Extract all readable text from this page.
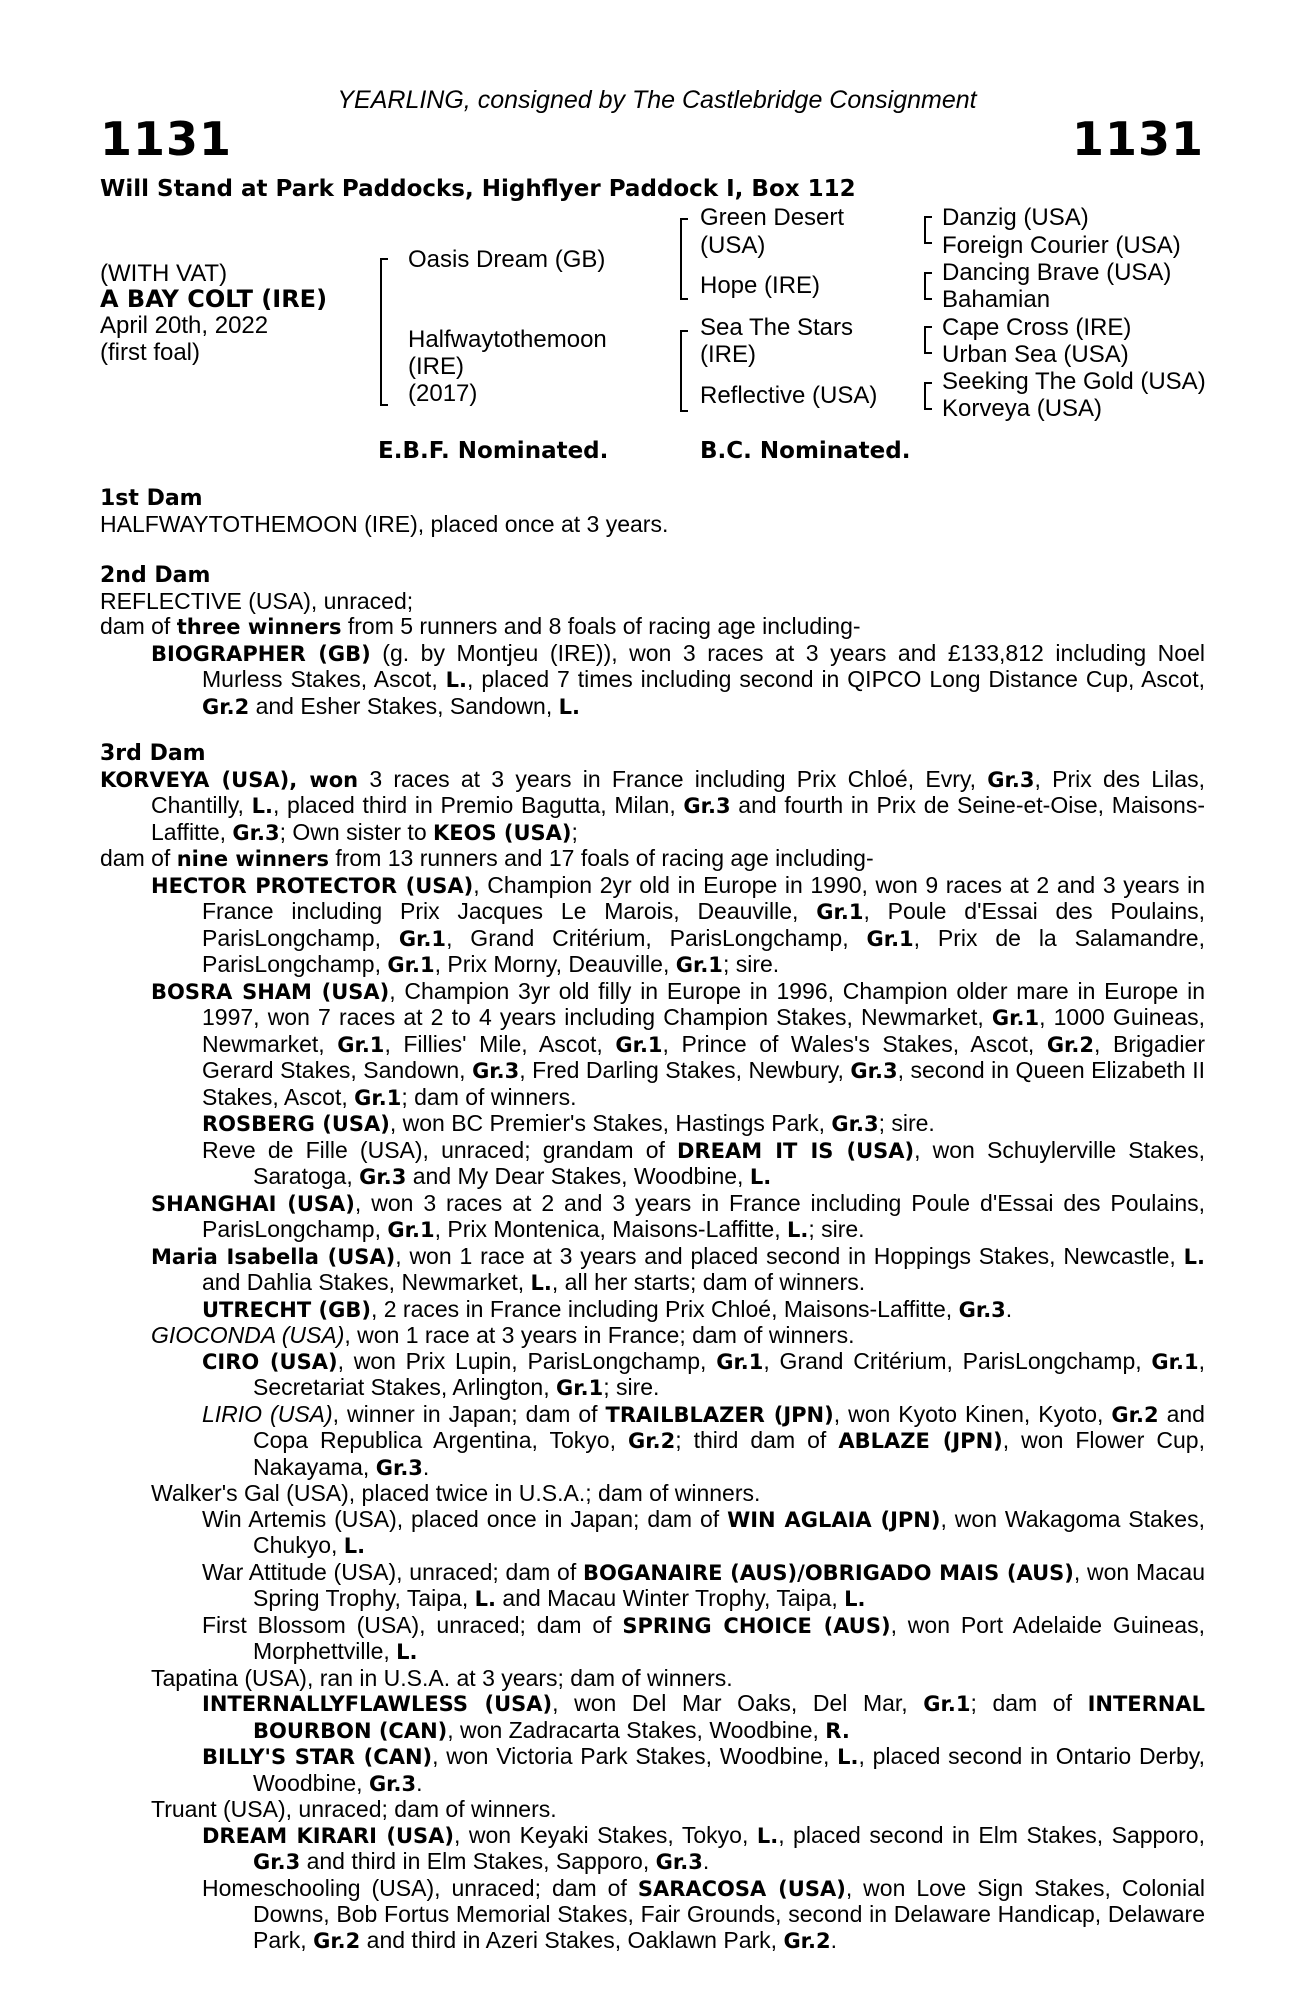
YEARLING, consigned by The Castlebridge Consignment
1131	1131
Will Stand at Park Paddocks, Highflyer Paddock I, Box 112
(WITH VAT)
A BAY COLT (IRE)
April 20th, 2022
(first foal)
Oasis Dream (GB)
Halfwaytothemoon
(IRE)
(2017)
Green Desert
(USA)
Hope (IRE)
Sea The Stars
(IRE)
Reflective (USA)
Danzig (USA)
Foreign Courier (USA)
Dancing Brave (USA)
Bahamian
Cape Cross (IRE)
Urban Sea (USA)
Seeking The Gold (USA)
Korveya (USA)
E.B.F. Nominated.	B.C. Nominated.

1st Dam

HALFWAYTOTHEMOON (IRE), placed once at 3 years.

2nd Dam

REFLECTIVE (USA), unraced;

dam of three winners from 5 runners and 8 foals of racing age including-

BIOGRAPHER (GB) (g. by Montjeu (IRE)), won 3 races at 3 years and £133,812 including Noel Murless Stakes, Ascot, L., placed 7 times including second in QIPCO Long Distance Cup, Ascot, Gr.2 and Esher Stakes, Sandown, L.

3rd Dam

KORVEYA (USA), won 3 races at 3 years in France including Prix Chloé, Evry, Gr.3, Prix des Lilas, Chantilly, L., placed third in Premio Bagutta, Milan, Gr.3 and fourth in Prix de Seine-et-Oise, Maisons-Laffitte, Gr.3; Own sister to KEOS (USA);

dam of nine winners from 13 runners and 17 foals of racing age including-

HECTOR PROTECTOR (USA), Champion 2yr old in Europe in 1990, won 9 races at 2 and 3 years in France including Prix Jacques Le Marois, Deauville, Gr.1, Poule d'Essai des Poulains, ParisLongchamp, Gr.1, Grand Critérium, ParisLongchamp, Gr.1, Prix de la Salamandre, ParisLongchamp, Gr.1, Prix Morny, Deauville, Gr.1; sire.

BOSRA SHAM (USA), Champion 3yr old filly in Europe in 1996, Champion older mare in Europe in 1997, won 7 races at 2 to 4 years including Champion Stakes, Newmarket, Gr.1, 1000 Guineas, Newmarket, Gr.1, Fillies' Mile, Ascot, Gr.1, Prince of Wales's Stakes, Ascot, Gr.2, Brigadier Gerard Stakes, Sandown, Gr.3, Fred Darling Stakes, Newbury, Gr.3, second in Queen Elizabeth II Stakes, Ascot, Gr.1; dam of winners.

ROSBERG (USA), won BC Premier's Stakes, Hastings Park, Gr.3; sire.

Reve de Fille (USA), unraced; grandam of DREAM IT IS (USA), won Schuylerville Stakes, Saratoga, Gr.3 and My Dear Stakes, Woodbine, L.

SHANGHAI (USA), won 3 races at 2 and 3 years in France including Poule d'Essai des Poulains, ParisLongchamp, Gr.1, Prix Montenica, Maisons-Laffitte, L.; sire.

Maria Isabella (USA), won 1 race at 3 years and placed second in Hoppings Stakes, Newcastle, L. and Dahlia Stakes, Newmarket, L., all her starts; dam of winners.

UTRECHT (GB), 2 races in France including Prix Chloé, Maisons-Laffitte, Gr.3.

GIOCONDA (USA), won 1 race at 3 years in France; dam of winners.

CIRO (USA), won Prix Lupin, ParisLongchamp, Gr.1, Grand Critérium, ParisLongchamp, Gr.1, Secretariat Stakes, Arlington, Gr.1; sire.

LIRIO (USA), winner in Japan; dam of TRAILBLAZER (JPN), won Kyoto Kinen, Kyoto, Gr.2 and Copa Republica Argentina, Tokyo, Gr.2; third dam of ABLAZE (JPN), won Flower Cup, Nakayama, Gr.3.

Walker's Gal (USA), placed twice in U.S.A.; dam of winners.

Win Artemis (USA), placed once in Japan; dam of WIN AGLAIA (JPN), won Wakagoma Stakes, Chukyo, L.

War Attitude (USA), unraced; dam of BOGANAIRE (AUS)/OBRIGADO MAIS (AUS), won Macau Spring Trophy, Taipa, L. and Macau Winter Trophy, Taipa, L.

First Blossom (USA), unraced; dam of SPRING CHOICE (AUS), won Port Adelaide Guineas, Morphettville, L.

Tapatina (USA), ran in U.S.A. at 3 years; dam of winners.

INTERNALLYFLAWLESS (USA), won Del Mar Oaks, Del Mar, Gr.1; dam of INTERNAL BOURBON (CAN), won Zadracarta Stakes, Woodbine, R.

BILLY'S STAR (CAN), won Victoria Park Stakes, Woodbine, L., placed second in Ontario Derby, Woodbine, Gr.3.

Truant (USA), unraced; dam of winners.

DREAM KIRARI (USA), won Keyaki Stakes, Tokyo, L., placed second in Elm Stakes, Sapporo, Gr.3 and third in Elm Stakes, Sapporo, Gr.3.

Homeschooling (USA), unraced; dam of SARACOSA (USA), won Love Sign Stakes, Colonial Downs, Bob Fortus Memorial Stakes, Fair Grounds, second in Delaware Handicap, Delaware Park, Gr.2 and third in Azeri Stakes, Oaklawn Park, Gr.2.
